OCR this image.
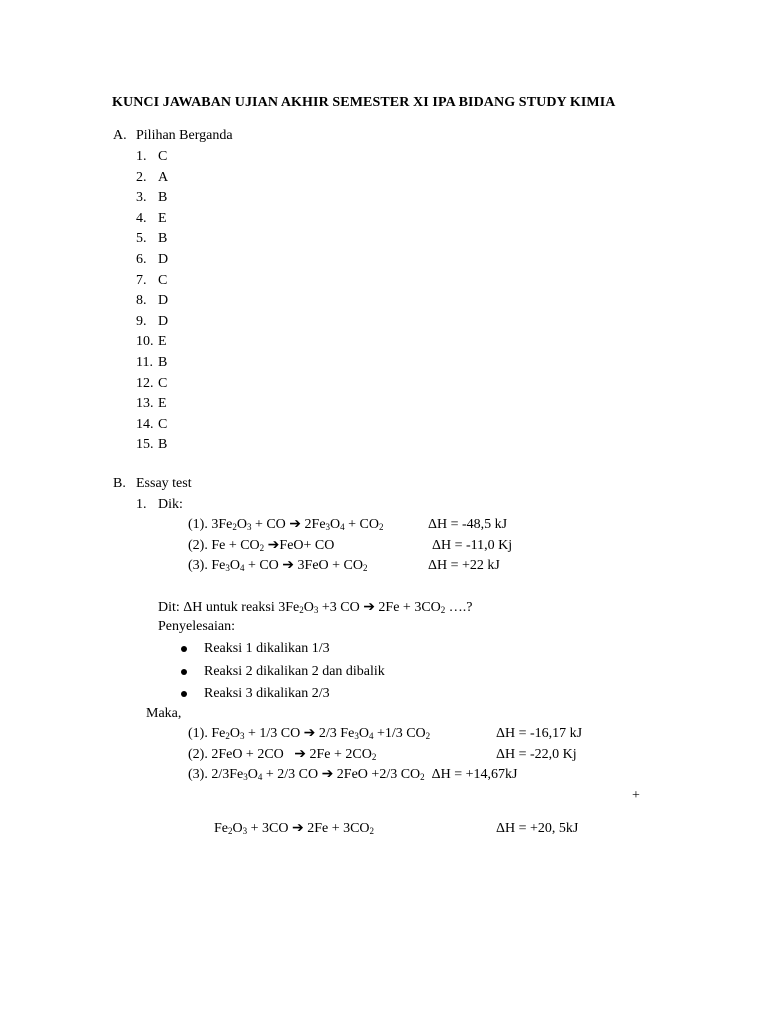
KUNCI JAWABAN UJIAN AKHIR SEMESTER XI IPA BIDANG STUDY KIMIA
A. Pilihan Berganda
1. C
2. A
3. B
4. E
5. B
6. D
7. C
8. D
9. D
10. E
11. B
12. C
13. E
14. C
15. B
B. Essay test
1. Dik:
(1). $3Fe_2O_3$ + CO ➔ $2Fe_3O_4 + CO_2$	ΔH = -48,5 kJ
(2). $Fe + CO_2$ ➔FeO+ CO	ΔH = -11,0 Kj
(3). $Fe_3O_4$ + CO ➔ $3FeO + CO_2$	ΔH = +22 kJ
Dit: ΔH untuk reaksi $3Fe_2O_3 +3$ CO ➔ $2Fe + 3CO_2$ ….?
Penyelesaian:
Reaksi 1 dikalikan 1/3
Reaksi 2 dikalikan 2 dan dibalik
Reaksi 3 dikalikan 2/3
Maka,
(1). $Fe_2O_3 + 1/3$ CO ➔ 2/3 $Fe_3O_4 +1/3$ $CO_2$	ΔH = -16,17 kJ
(2). 2FeO + 2CO   ➔ $2Fe + 2CO_2$	ΔH = -22,0 Kj
(3). $2/3Fe_3O_4 + 2/3$ CO ➔ 2FeO +2/3 $CO_2$  ΔH = +14,67kJ
+
$Fe_2O_3 + 3CO$ ➔ $2Fe + 3CO_2$	ΔH = +20, 5kJ
